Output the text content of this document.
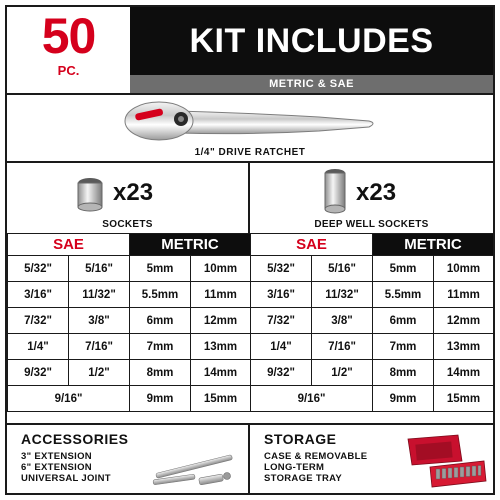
50
PC.
KIT INCLUDES
METRIC & SAE
1/4" DRIVE RATCHET
x23
SOCKETS
x23
DEEP WELL SOCKETS
SAE		METRIC	
5/32"	5/16"	5mm	10mm
3/16"	11/32"	5.5mm	11mm
7/32"	3/8"	6mm	12mm
1/4"	7/16"	7mm	13mm
9/32"	1/2"	8mm	14mm
9/16"		9mm	15mm
SAE		METRIC	
5/32"	5/16"	5mm	10mm
3/16"	11/32"	5.5mm	11mm
7/32"	3/8"	6mm	12mm
1/4"	7/16"	7mm	13mm
9/32"	1/2"	8mm	14mm
9/16"		9mm	15mm
ACCESSORIES
3" EXTENSION
6" EXTENSION
UNIVERSAL JOINT
STORAGE
CASE & REMOVABLE
LONG-TERM
STORAGE TRAY
